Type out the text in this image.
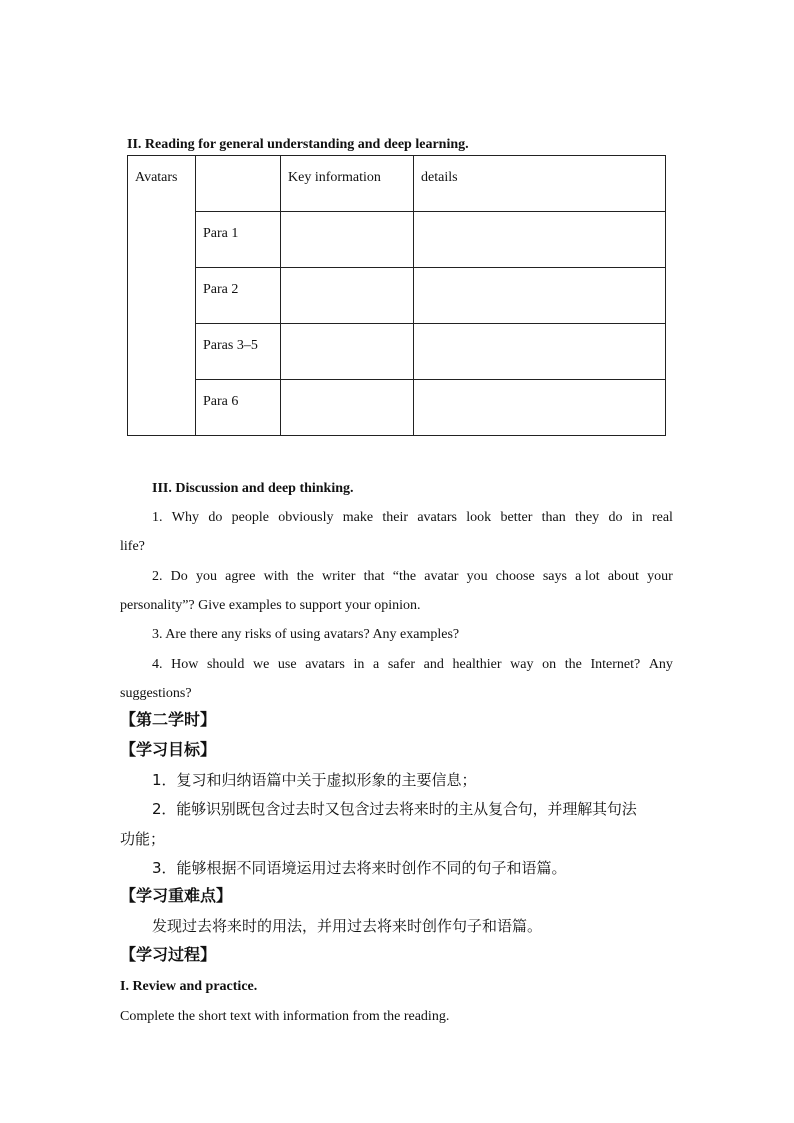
II. Reading for general understanding and deep learning.
Avatars		Key information	details

	Para 1		

	Para 2		

	Paras 3–5		

	Para 6		

III. Discussion and deep thinking.
1. Why do people obviously make their avatars look better than they do in real
life?
2. Do you agree with the writer that “the avatar you choose says a lot about your
personality”? Give examples to support your opinion.
3. Are there any risks of using avatars? Any examples?
4. How should we use avatars in a safer and healthier way on the Internet? Any
suggestions?
【第二学时】
【学习目标】
1．复习和归纳语篇中关于虚拟形象的主要信息；
2．能够识别既包含过去时又包含过去将来时的主从复合句，并理解其句法
功能；
3．能够根据不同语境运用过去将来时创作不同的句子和语篇。
【学习重难点】
发现过去将来时的用法，并用过去将来时创作句子和语篇。
【学习过程】
I. Review and practice.
Complete the short text with information from the reading.
